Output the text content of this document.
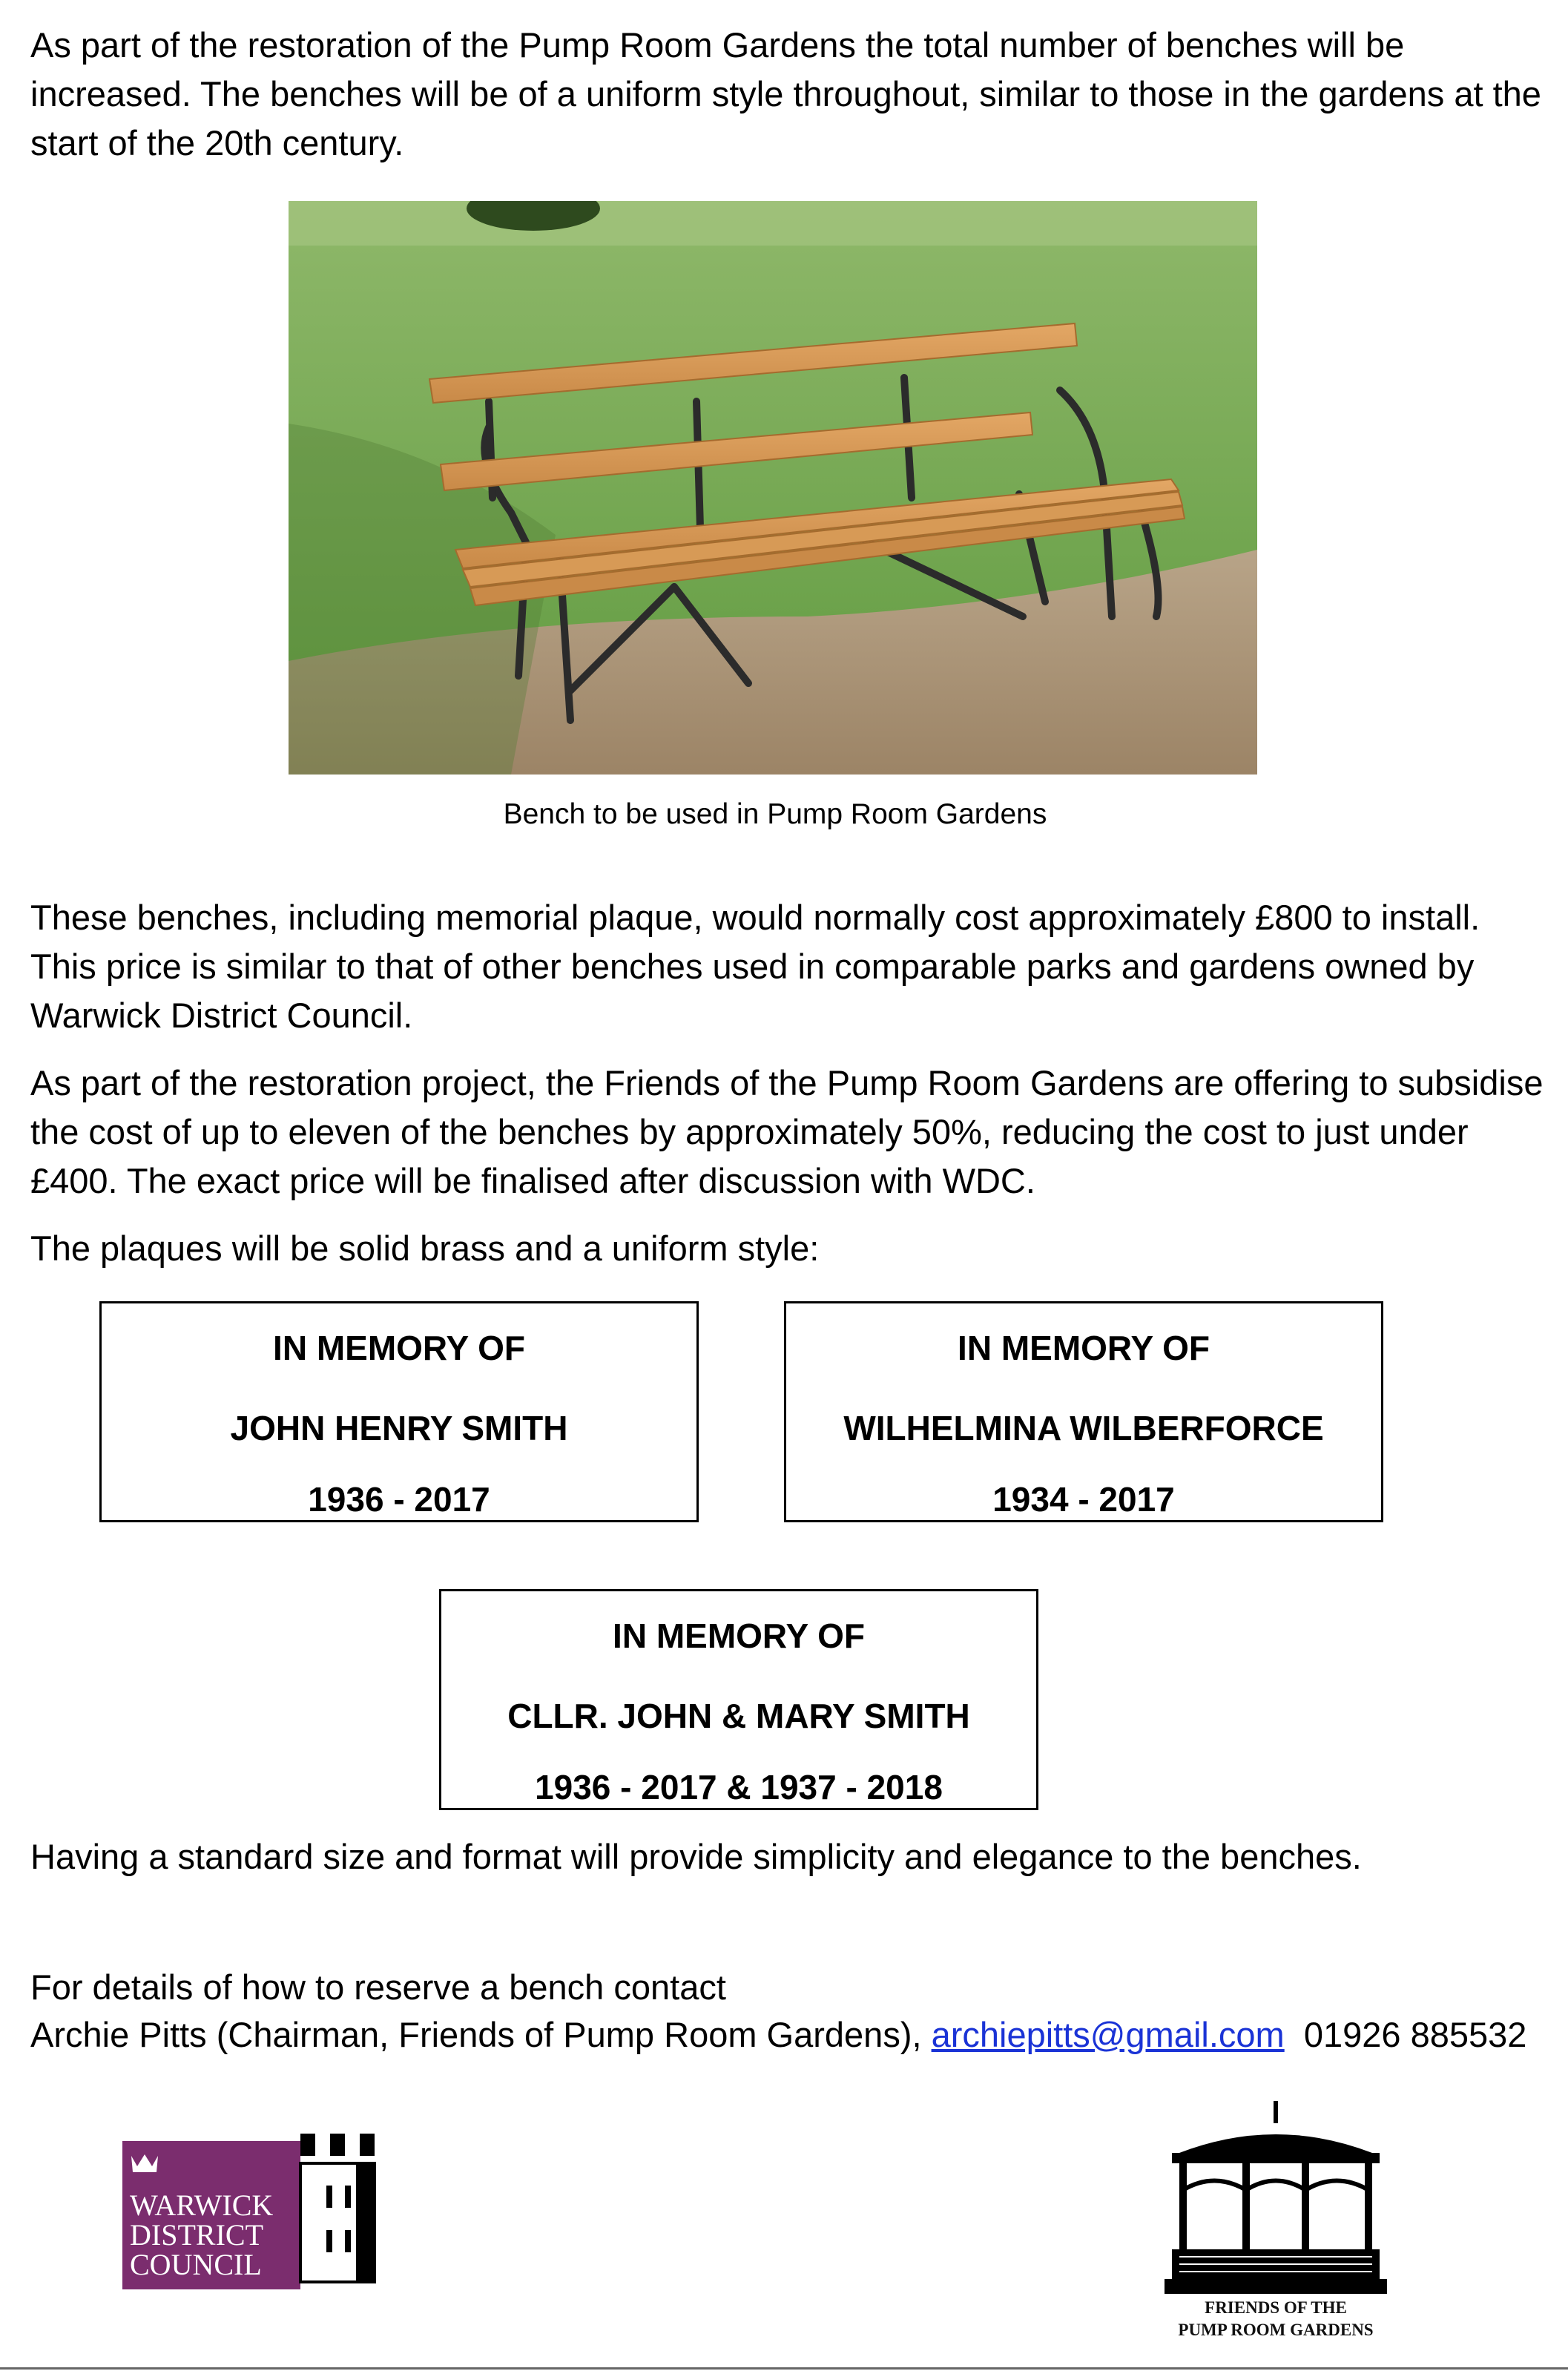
As part of the restoration of the Pump Room Gardens the total number of benches will be increased. The benches will be of a uniform style throughout, similar to those in the gardens at the start of the 20th century.

Bench to be used in Pump Room Gardens

These benches, including memorial plaque, would normally cost approximately £800 to install. This price is similar to that of other benches used in comparable parks and gardens owned by Warwick District Council.

As part of the restoration project, the Friends of the Pump Room Gardens are offering to subsidise the cost of up to eleven of the benches by approximately 50%, reducing the cost to just under £400. The exact price will be finalised after discussion with WDC.

The plaques will be solid brass and a uniform style:

IN MEMORY OF
JOHN HENRY SMITH
1936 - 2017
IN MEMORY OF
WILHELMINA WILBERFORCE
1934 - 2017
IN MEMORY OF
CLLR. JOHN & MARY SMITH
1936 - 2017 & 1937 - 2018

Having a standard size and format will provide simplicity and elegance to the benches.

For details of how to reserve a bench contact
Archie Pitts (Chairman, Friends of Pump Room Gardens), archiepitts@gmail.com 01926 885532

WARWICK
DISTRICT
COUNCIL
FRIENDS OF THE
PUMP ROOM GARDENS
